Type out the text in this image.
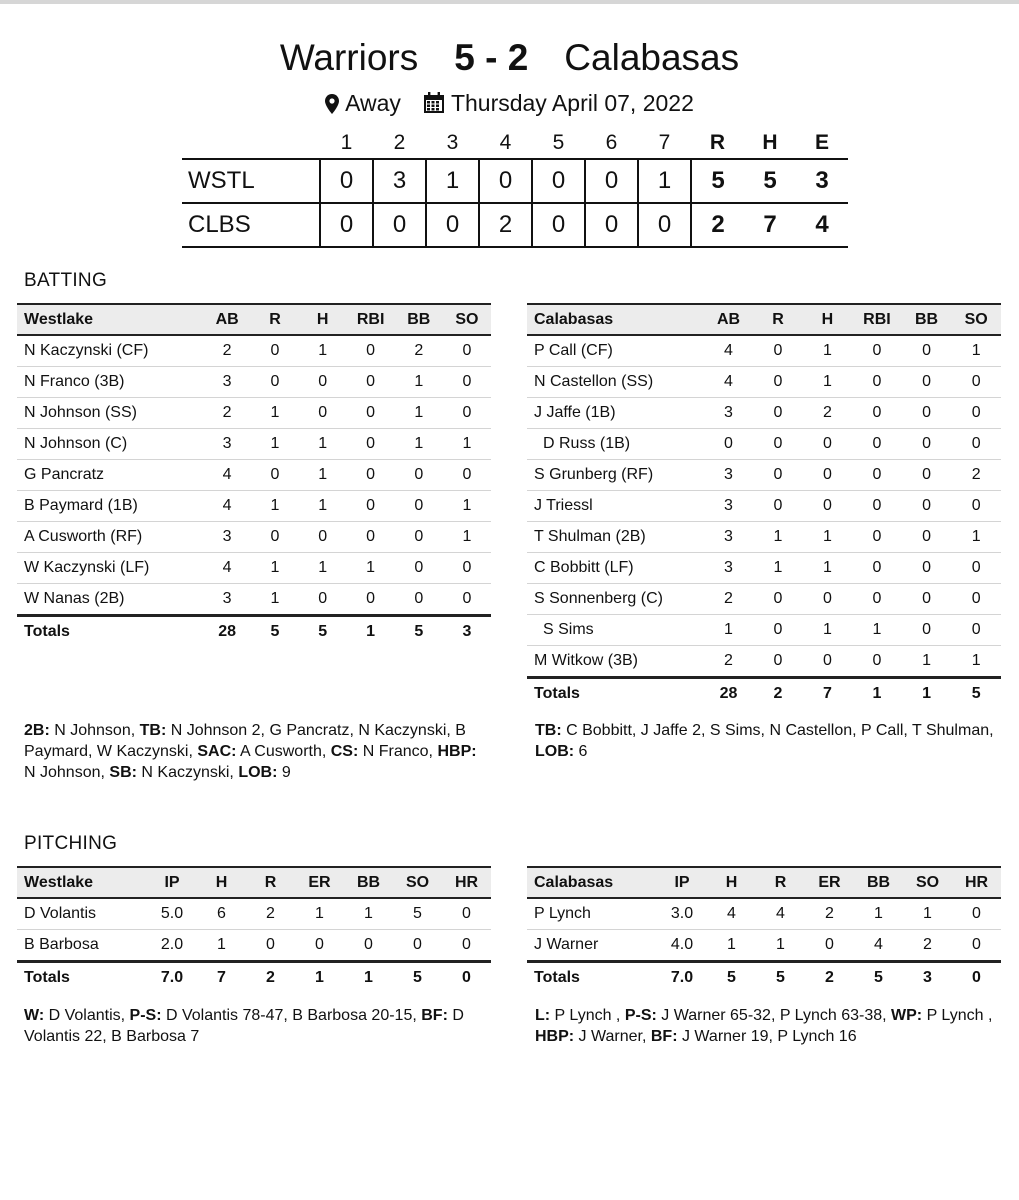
Warriors 5 - 2 Calabasas
Away Thursday April 07, 2022
	1	2	3	4	5	6	7	R	H	E
WSTL	0	3	1	0	0	0	1	5	5	3
CLBS	0	0	0	2	0	0	0	2	7	4
BATTING
Westlake	AB	R	H	RBI	BB	SO
N Kaczynski (CF)	2	0	1	0	2	0
N Franco (3B)	3	0	0	0	1	0
N Johnson (SS)	2	1	0	0	1	0
N Johnson (C)	3	1	1	0	1	1
G Pancratz	4	0	1	0	0	0
B Paymard (1B)	4	1	1	0	0	1
A Cusworth (RF)	3	0	0	0	0	1
W Kaczynski (LF)	4	1	1	1	0	0
W Nanas (2B)	3	1	0	0	0	0
Totals	28	5	5	1	5	3
Calabasas	AB	R	H	RBI	BB	SO
P Call (CF)	4	0	1	0	0	1
N Castellon (SS)	4	0	1	0	0	0
J Jaffe (1B)	3	0	2	0	0	0
D Russ (1B)	0	0	0	0	0	0
S Grunberg (RF)	3	0	0	0	0	2
J Triessl	3	0	0	0	0	0
T Shulman (2B)	3	1	1	0	0	1
C Bobbitt (LF)	3	1	1	0	0	0
S Sonnenberg (C)	2	0	0	0	0	0
S Sims	1	0	1	1	0	0
M Witkow (3B)	2	0	0	0	1	1
Totals	28	2	7	1	1	5
2B: N Johnson, TB: N Johnson 2, G Pancratz, N Kaczynski, B Paymard, W Kaczynski, SAC: A Cusworth, CS: N Franco, HBP: N Johnson, SB: N Kaczynski, LOB: 9
TB: C Bobbitt, J Jaffe 2, S Sims, N Castellon, P Call, T Shulman, LOB: 6
PITCHING
Westlake	IP	H	R	ER	BB	SO	HR
D Volantis	5.0	6	2	1	1	5	0
B Barbosa	2.0	1	0	0	0	0	0
Totals	7.0	7	2	1	1	5	0
Calabasas	IP	H	R	ER	BB	SO	HR
P Lynch	3.0	4	4	2	1	1	0
J Warner	4.0	1	1	0	4	2	0
Totals	7.0	5	5	2	5	3	0
W: D Volantis, P-S: D Volantis 78-47, B Barbosa 20-15, BF: D Volantis 22, B Barbosa 7
L: P Lynch , P-S: J Warner 65-32, P Lynch 63-38, WP: P Lynch , HBP: J Warner, BF: J Warner 19, P Lynch 16
